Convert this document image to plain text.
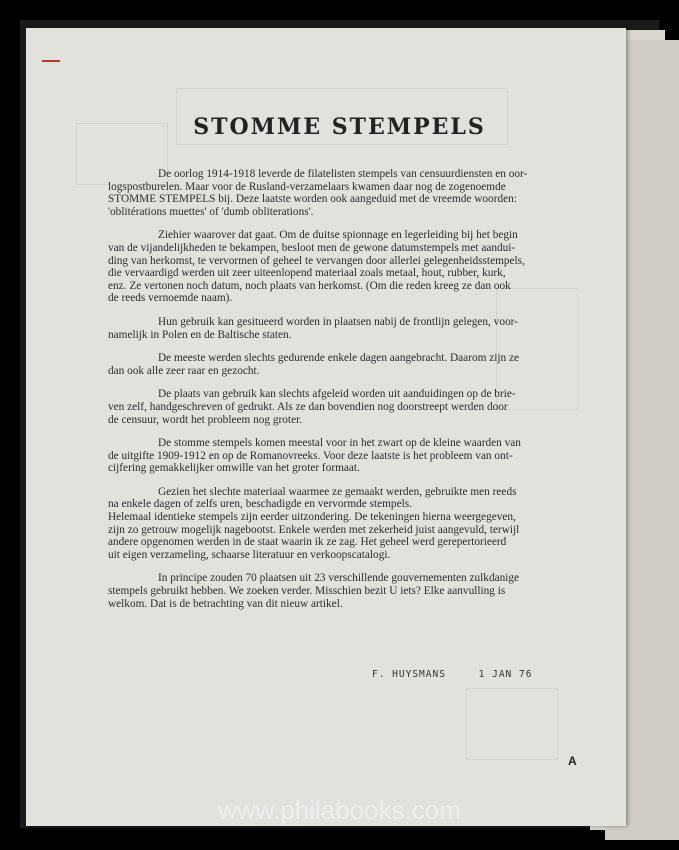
STOMME STEMPELS
De oorlog 1914-1918 leverde de filatelisten stempels van censuurdiensten en oor-
logspostburelen. Maar voor de Rusland-verzamelaars kwamen daar nog de zogenoemde
STOMME STEMPELS bij. Deze laatste worden ook aangeduid met de vreemde woorden:
'oblitérations muettes' of 'dumb obliterations'.
Ziehier waarover dat gaat. Om de duitse spionnage en legerleiding bij het begin
van de vijandelijkheden te bekampen, besloot men de gewone datumstempels met aandui-
ding van herkomst, te vervormen of geheel te vervangen door allerlei gelegenheidsstempels,
die vervaardigd werden uit zeer uiteenlopend materiaal zoals metaal, hout, rubber, kurk,
enz. Ze vertonen noch datum, noch plaats van herkomst. (Om die reden kreeg ze dan ook
de reeds vernoemde naam).
Hun gebruik kan gesitueerd worden in plaatsen nabij de frontlijn gelegen, voor-
namelijk in Polen en de Baltische staten.
De meeste werden slechts gedurende enkele dagen aangebracht. Daarom zijn ze
dan ook alle zeer raar en gezocht.
De plaats van gebruik kan slechts afgeleid worden uit aanduidingen op de brie-
ven zelf, handgeschreven of gedrukt. Als ze dan bovendien nog doorstreept werden door
de censuur, wordt het probleem nog groter.
De stomme stempels komen meestal voor in het zwart op de kleine waarden van
de uitgifte 1909-1912 en op de Romanovreeks. Voor deze laatste is het probleem van ont-
cijfering gemakkelijker omwille van het groter formaat.
Gezien het slechte materiaal waarmee ze gemaakt werden, gebruikte men reeds
na enkele dagen of zelfs uren, beschadigde en vervormde stempels.
Helemaal identieke stempels zijn eerder uitzondering. De tekeningen hierna weergegeven,
zijn zo getrouw mogelijk nagebootst. Enkele werden met zekerheid juist aangevuld, terwijl
andere opgenomen werden in de staat waarin ik ze zag. Het geheel werd gerepertorieerd
uit eigen verzameling, schaarse literatuur en verkoopscatalogi.
In principe zouden 70 plaatsen uit 23 verschillende gouvernementen zulkdanige
stempels gebruikt hebben. We zoeken verder. Misschien bezit U iets? Elke aanvulling is
welkom. Dat is de betrachting van dit nieuw artikel.
F. HUYSMANS	1 JAN 76
A
www.philabooks.com
